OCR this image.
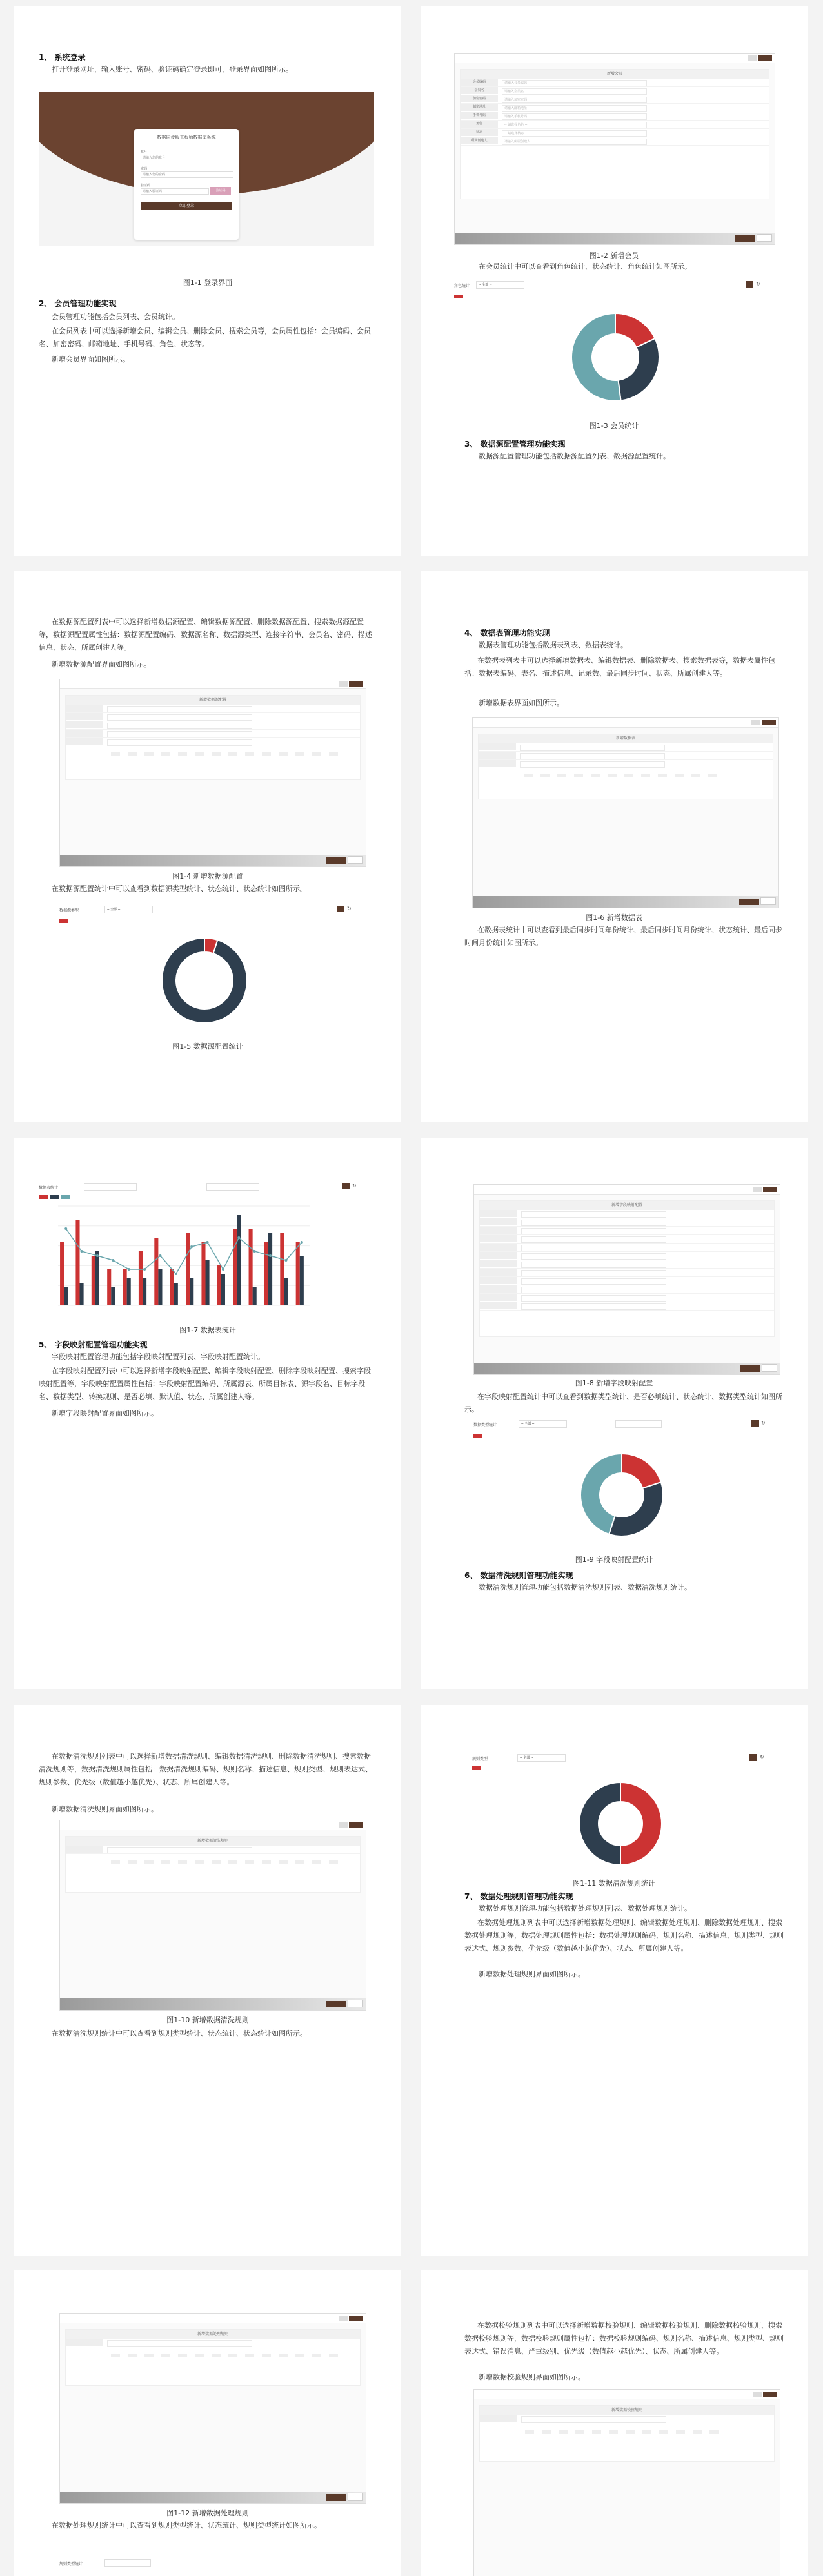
1、 系统登录
打开登录网址，输入账号、密码、验证码确定登录即可，登录界面如图所示。
数据同步服工程师数据库系统
账号
请输入您的账号
密码
请输入您的密码
验证码
请输入验证码
验证码
立即登录
图1-1 登录界面
2、 会员管理功能实现
会员管理功能包括会员列表、会员统计。
在会员列表中可以选择新增会员、编辑会员、删除会员、搜索会员等，会员属性包括：会员编码、会员名、加密密码、邮箱地址、手机号码、角色、状态等。
新增会员界面如图所示。
新增会员
会员编码	请输入会员编码
会员名	请输入会员名
加密密码	请输入加密密码
邮箱地址	请输入邮箱地址
手机号码	请输入手机号码
角色	-- 请选择角色 --
状态	-- 请选择状态 --
所属创建人	请输入所属创建人
图1-2 新增会员
在会员统计中可以查看到角色统计、状态统计、角色统计如图所示。
角色统计	-- 全部 --	↻
图1-3 会员统计
3、 数据源配置管理功能实现
数据源配置管理功能包括数据源配置列表、数据源配置统计。
在数据源配置列表中可以选择新增数据源配置、编辑数据源配置、删除数据源配置、搜索数据源配置等，数据源配置属性包括：数据源配置编码、数据源名称、数据源类型、连接字符串、会员名、密码、描述信息、状态、所属创建人等。
新增数据源配置界面如图所示。
新增数据源配置
图1-4 新增数据源配置
在数据源配置统计中可以查看到数据源类型统计、状态统计、状态统计如图所示。
数据源类型	-- 全部 --	↻
图1-5 数据源配置统计
4、 数据表管理功能实现
数据表管理功能包括数据表列表、数据表统计。
在数据表列表中可以选择新增数据表、编辑数据表、删除数据表、搜索数据表等，数据表属性包括：数据表编码、表名、描述信息、记录数、最后同步时间、状态、所属创建人等。
新增数据表界面如图所示。
新增数据表
图1-6 新增数据表
在数据表统计中可以查看到最后同步时间年份统计、最后同步时间月份统计、状态统计、最后同步时间月份统计如图所示。
数据表统计	↻
图1-7 数据表统计
5、 字段映射配置管理功能实现
字段映射配置管理功能包括字段映射配置列表、字段映射配置统计。
在字段映射配置列表中可以选择新增字段映射配置、编辑字段映射配置、删除字段映射配置、搜索字段映射配置等，字段映射配置属性包括：字段映射配置编码、所属源表、所属目标表、源字段名、目标字段名、数据类型、转换规则、是否必填、默认值、状态、所属创建人等。
新增字段映射配置界面如图所示。
新增字段映射配置
图1-8 新增字段映射配置
在字段映射配置统计中可以查看到数据类型统计、是否必填统计、状态统计、数据类型统计如图所示。
数据类型统计	-- 全部 --	↻
图1-9 字段映射配置统计
6、 数据清洗规则管理功能实现
数据清洗规则管理功能包括数据清洗规则列表、数据清洗规则统计。
在数据清洗规则列表中可以选择新增数据清洗规则、编辑数据清洗规则、删除数据清洗规则、搜索数据清洗规则等，数据清洗规则属性包括：数据清洗规则编码、规则名称、描述信息、规则类型、规则表达式、规则参数、优先级（数值越小越优先）、状态、所属创建人等。
新增数据清洗规则界面如图所示。
新增数据清洗规则
图1-10 新增数据清洗规则
在数据清洗规则统计中可以查看到规则类型统计、状态统计、状态统计如图所示。
规则类型	-- 全部 --	↻
图1-11 数据清洗规则统计
7、 数据处理规则管理功能实现
数据处理规则管理功能包括数据处理规则列表、数据处理规则统计。
在数据处理规则列表中可以选择新增数据处理规则、编辑数据处理规则、删除数据处理规则、搜索数据处理规则等，数据处理规则属性包括：数据处理规则编码、规则名称、描述信息、规则类型、规则表达式、规则参数、优先级（数值越小越优先）、状态、所属创建人等。
新增数据处理规则界面如图所示。
新增数据处理规则
图1-12 新增数据处理规则
在数据处理规则统计中可以查看到规则类型统计、状态统计、规则类型统计如图所示。
规则类型统计
在数据校验规则列表中可以选择新增数据校验规则、编辑数据校验规则、删除数据校验规则、搜索数据校验规则等，数据校验规则属性包括：数据校验规则编码、规则名称、描述信息、规则类型、规则表达式、错误消息、严重级别、优先级（数值越小越优先）、状态、所属创建人等。
新增数据校验规则界面如图所示。
新增数据校验规则
